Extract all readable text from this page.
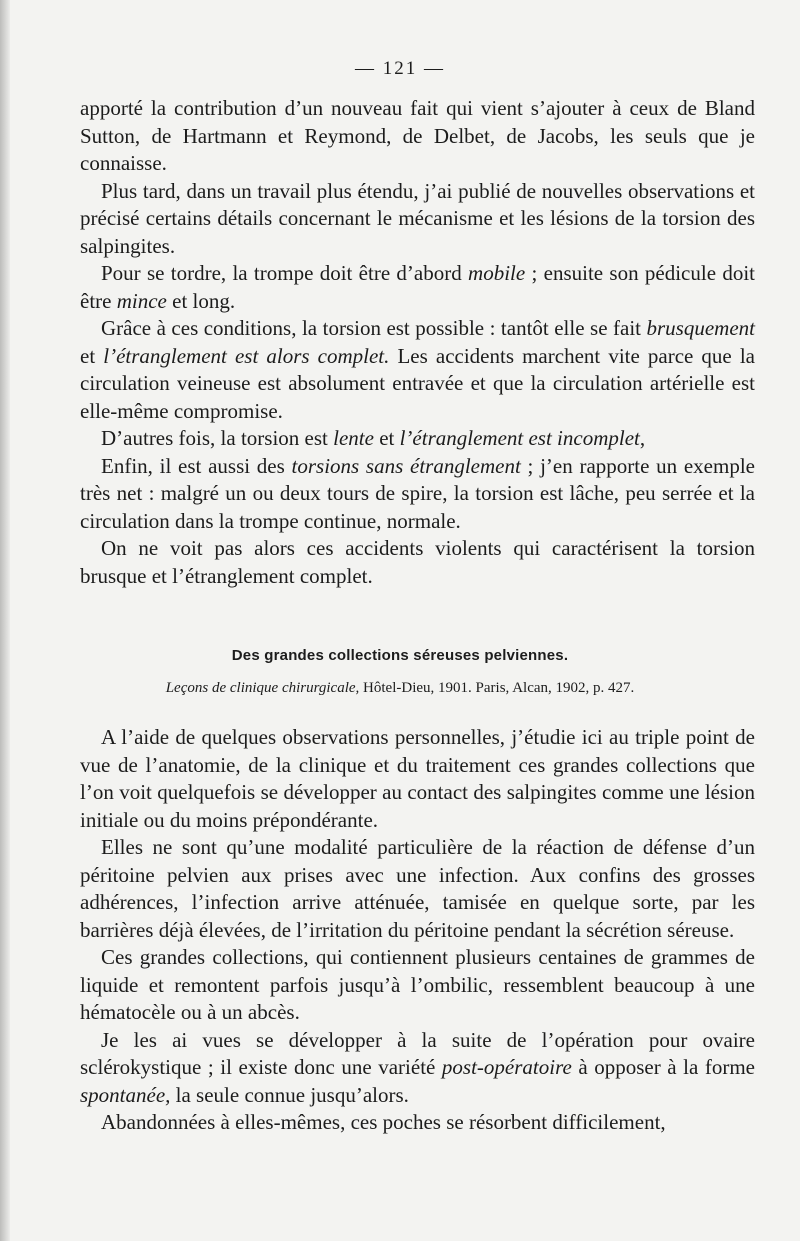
— 121 —

apporté la contribution d’un nouveau fait qui vient s’ajouter à ceux de Bland Sutton, de Hartmann et Reymond, de Delbet, de Jacobs, les seuls que je connaisse.

Plus tard, dans un travail plus étendu, j’ai publié de nouvelles observations et précisé certains détails concernant le mécanisme et les lésions de la torsion des salpingites.

Pour se tordre, la trompe doit être d’abord mobile ; ensuite son pédicule doit être mince et long.

Grâce à ces conditions, la torsion est possible : tantôt elle se fait brusquement et l’étranglement est alors complet. Les accidents marchent vite parce que la circulation veineuse est absolument entravée et que la circulation artérielle est elle-même compromise.

D’autres fois, la torsion est lente et l’étranglement est incomplet,

Enfin, il est aussi des torsions sans étranglement ; j’en rapporte un exemple très net : malgré un ou deux tours de spire, la torsion est lâche, peu serrée et la circulation dans la trompe continue, normale.

On ne voit pas alors ces accidents violents qui caractérisent la torsion brusque et l’étranglement complet.

Des grandes collections séreuses pelviennes.
Leçons de clinique chirurgicale, Hôtel-Dieu, 1901. Paris, Alcan, 1902, p. 427.

A l’aide de quelques observations personnelles, j’étudie ici au triple point de vue de l’anatomie, de la clinique et du traitement ces grandes collections que l’on voit quelquefois se développer au contact des salpingites comme une lésion initiale ou du moins prépondérante.

Elles ne sont qu’une modalité particulière de la réaction de défense d’un péritoine pelvien aux prises avec une infection. Aux confins des grosses adhérences, l’infection arrive atténuée, tamisée en quelque sorte, par les barrières déjà élevées, de l’irritation du péritoine pendant la sécrétion séreuse.

Ces grandes collections, qui contiennent plusieurs centaines de grammes de liquide et remontent parfois jusqu’à l’ombilic, ressemblent beaucoup à une hématocèle ou à un abcès.

Je les ai vues se développer à la suite de l’opération pour ovaire sclérokystique ; il existe donc une variété post-opératoire à opposer à la forme spontanée, la seule connue jusqu’alors.

Abandonnées à elles-mêmes, ces poches se résorbent difficilement,
